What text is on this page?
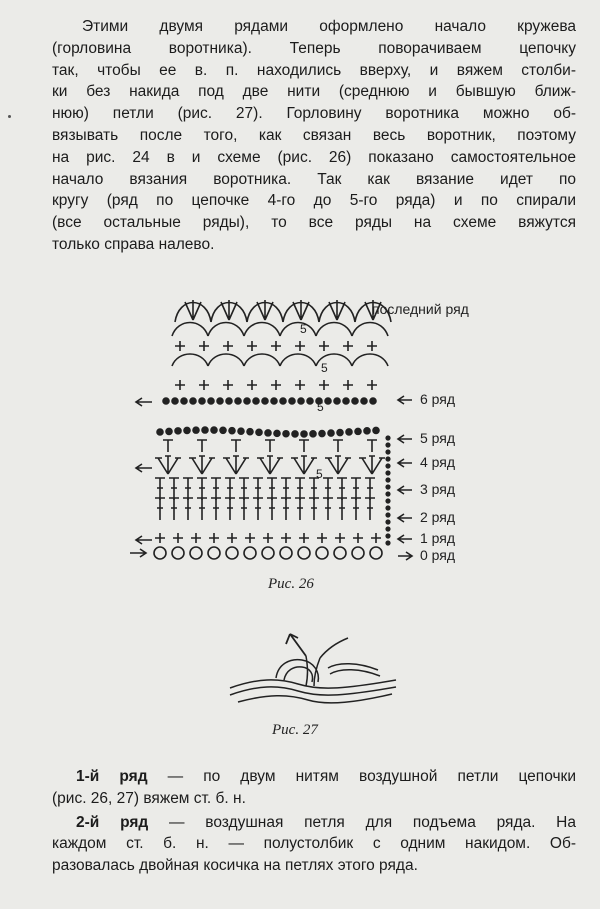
Этими двумя рядами оформлено начало кружева
(горловина воротника). Теперь поворачиваем цепочку
так, чтобы ее в. п. находились вверху, и вяжем столби-
ки без накида под две нити (среднюю и бывшую ближ-
нюю) петли (рис. 27). Горловину воротника можно об-
вязывать после того, как связан весь воротник, поэтому
на рис. 24 в и схеме (рис. 26) показано самостоятельное
начало вязания воротника. Так как вязание идет по
кругу (ряд по цепочке 4-го до 5-го ряда) и по спирали
(все остальные ряды), то все ряды на схеме вяжутся
только справа налево.
последний ряд
6 ряд
5 ряд
4 ряд
3 ряд
2 ряд
1 ряд
0 ряд
5
5
5
5
Рис. 26
Рис. 27

1-й ряд — по двум нитям воздушной петли цепочки
(рис. 26, 27) вяжем ст. б. н.

2-й ряд — воздушная петля для подъема ряда. На
каждом ст. б. н. — полустолбик с одним накидом. Об-
разовалась двойная косичка на петлях этого ряда.
